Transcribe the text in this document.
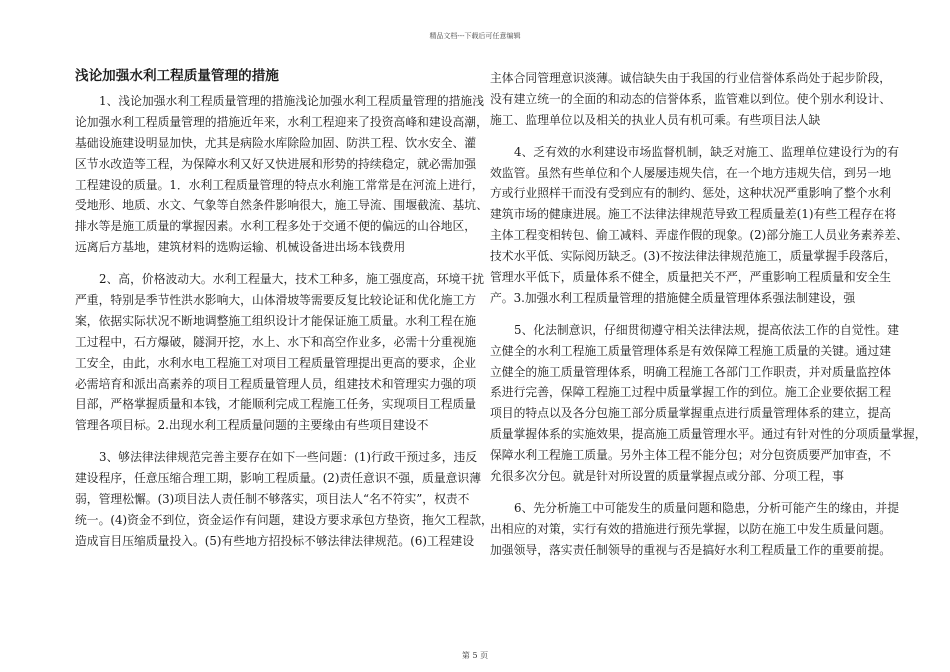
精品文档---下载后可任意编辑
浅论加强水利工程质量管理的措施
1、浅论加强水利工程质量管理的措施浅论加强水利工程质量管理的措施浅
论加强水利工程质量管理的措施近年来，水利工程迎来了投资高峰和建设高潮，
基础设施建设明显加快，尤其是病险水库除险加固、防洪工程、饮水安全、灌
区节水改造等工程，为保障水利又好又快进展和形势的持续稳定，就必需加强
工程建设的质量。1．水利工程质量管理的特点水利施工常常是在河流上进行，
受地形、地质、水文、气象等自然条件影响很大，施工导流、围堰截流、基坑、
排水等是施工质量的掌握因素。水利工程多处于交通不便的偏远的山谷地区，
远离后方基地，建筑材料的选购运输、机械设备进出场本钱费用
2、高，价格波动大。水利工程量大，技术工种多，施工强度高，环境干扰
严重，特别是季节性洪水影响大，山体滑坡等需要反复比较论证和优化施工方
案，依据实际状况不断地调整施工组织设计才能保证施工质量。水利工程在施
工过程中，石方爆破，隧洞开挖，水上、水下和高空作业多，必需十分重视施
工安全，由此，水利水电工程施工对项目工程质量管理提出更高的要求，企业
必需培育和派出高素养的项目工程质量管理人员，组建技术和管理实力强的项
目部，严格掌握质量和本钱，才能顺利完成工程施工任务，实现项目工程质量
管理各项目标。2.出现水利工程质量问题的主要缘由有些项目建设不
3、够法律法律规范完善主要存在如下一些问题：(1)行政干预过多，违反
建设程序，任意压缩合理工期，影响工程质量。(2)责任意识不强，质量意识薄
弱，管理松懈。(3)项目法人责任制不够落实，项目法人“名不符实”，权责不
统一。(4)资金不到位，资金运作有问题，建设方要求承包方垫资，拖欠工程款，
造成盲目压缩质量投入。(5)有些地方招投标不够法律法律规范。(6)工程建设
主体合同管理意识淡薄。诚信缺失由于我国的行业信誉体系尚处于起步阶段，
没有建立统一的全面的和动态的信誉体系，监管难以到位。使个别水利设计、
施工、监理单位以及相关的执业人员有机可乘。有些项目法人缺
4、乏有效的水利建设市场监督机制，缺乏对施工、监理单位建设行为的有
效监管。虽然有些单位和个人屡屡违规失信，在一个地方违规失信，到另一地
方或行业照样干而没有受到应有的制约、惩处，这种状况严重影响了整个水利
建筑市场的健康进展。施工不法律法律规范导致工程质量差(1)有些工程存在将
主体工程变相转包、偷工减料、弄虚作假的现象。(2)部分施工人员业务素养差、
技术水平低、实际阅历缺乏。(3)不按法律法律规范施工，质量掌握手段落后，
管理水平低下，质量体系不健全，质量把关不严，严重影响工程质量和安全生
产。3.加强水利工程质量管理的措施健全质量管理体系强法制建设，强
5、化法制意识，仔细贯彻遵守相关法律法规，提高依法工作的自觉性。建
立健全的水利工程施工质量管理体系是有效保障工程施工质量的关键。通过建
立健全的施工质量管理体系，明确工程施工各部门工作职责，并对质量监控体
系进行完善，保障工程施工过程中质量掌握工作的到位。施工企业要依据工程
项目的特点以及各分包施工部分质量掌握重点进行质量管理体系的建立，提高
质量掌握体系的实施效果，提高施工质量管理水平。通过有针对性的分项质量掌握，
保障水利工程施工质量。另外主体工程不能分包；对分包资质要严加审查，不
允很多次分包。就是针对所设置的质量掌握点或分部、分项工程，事
6、先分析施工中可能发生的质量问题和隐患，分析可能产生的缘由，并提
出相应的对策，实行有效的措施进行预先掌握，以防在施工中发生质量问题。
加强领导，落实责任制领导的重视与否是搞好水利工程质量工作的重要前提。
第 5 页
